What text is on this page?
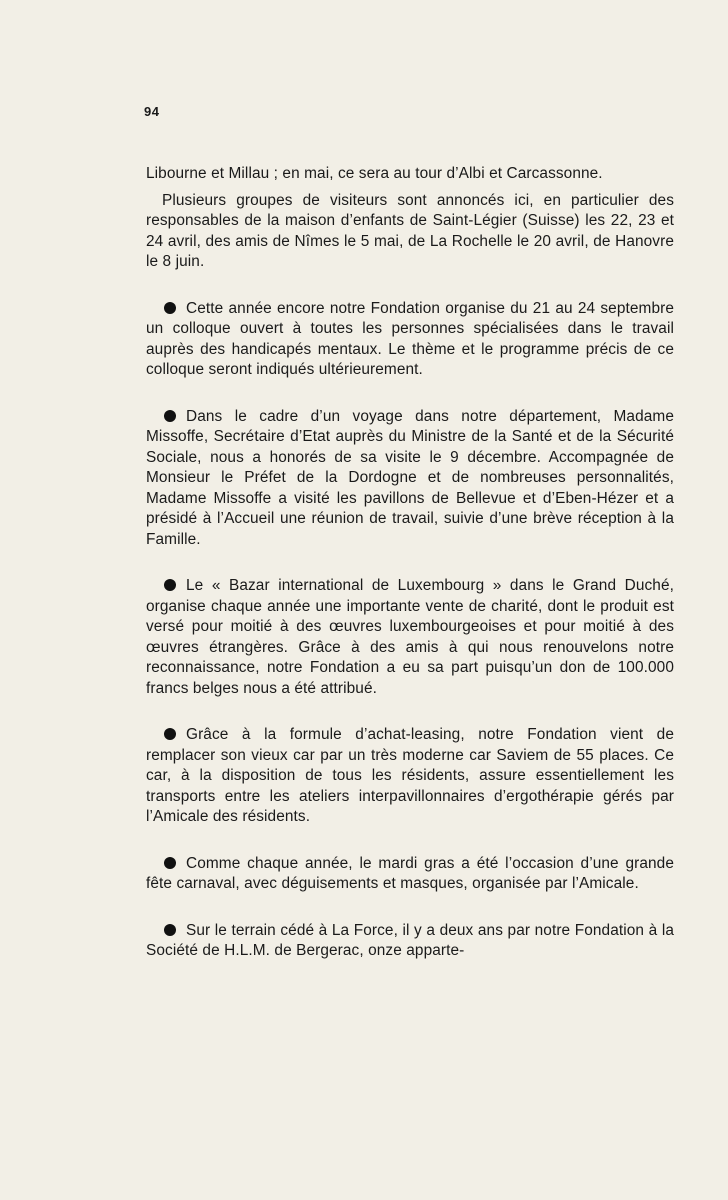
94

Libourne et Millau ; en mai, ce sera au tour d’Albi et Carcassonne.

Plusieurs groupes de visiteurs sont annoncés ici, en particulier des responsables de la maison d’enfants de Saint-Légier (Suisse) les 22, 23 et 24 avril, des amis de Nîmes le 5 mai, de La Rochelle le 20 avril, de Hanovre le 8 juin.

Cette année encore notre Fondation organise du 21 au 24 septembre un colloque ouvert à toutes les personnes spécialisées dans le travail auprès des handicapés mentaux. Le thème et le programme précis de ce colloque seront indiqués ultérieurement.

Dans le cadre d’un voyage dans notre département, Madame Missoffe, Secrétaire d’Etat auprès du Ministre de la Santé et de la Sécurité Sociale, nous a honorés de sa visite le 9 décembre. Accompagnée de Monsieur le Préfet de la Dordogne et de nombreuses personnalités, Madame Missoffe a visité les pavillons de Bellevue et d’Eben-Hézer et a présidé à l’Accueil une réunion de travail, suivie d’une brève réception à la Famille.

Le « Bazar international de Luxembourg » dans le Grand Duché, organise chaque année une importante vente de charité, dont le produit est versé pour moitié à des œuvres luxembourgeoises et pour moitié à des œuvres étrangères. Grâce à des amis à qui nous renouvelons notre reconnaissance, notre Fondation a eu sa part puisqu’un don de 100.000 francs belges nous a été attribué.

Grâce à la formule d’achat-leasing, notre Fondation vient de remplacer son vieux car par un très moderne car Saviem de 55 places. Ce car, à la disposition de tous les résidents, assure essentiellement les transports entre les ateliers interpavillonnaires d’ergothérapie gérés par l’Amicale des résidents.

Comme chaque année, le mardi gras a été l’occasion d’une grande fête carnaval, avec déguisements et masques, organisée par l’Amicale.

Sur le terrain cédé à La Force, il y a deux ans par notre Fondation à la Société de H.L.M. de Bergerac, onze apparte-
